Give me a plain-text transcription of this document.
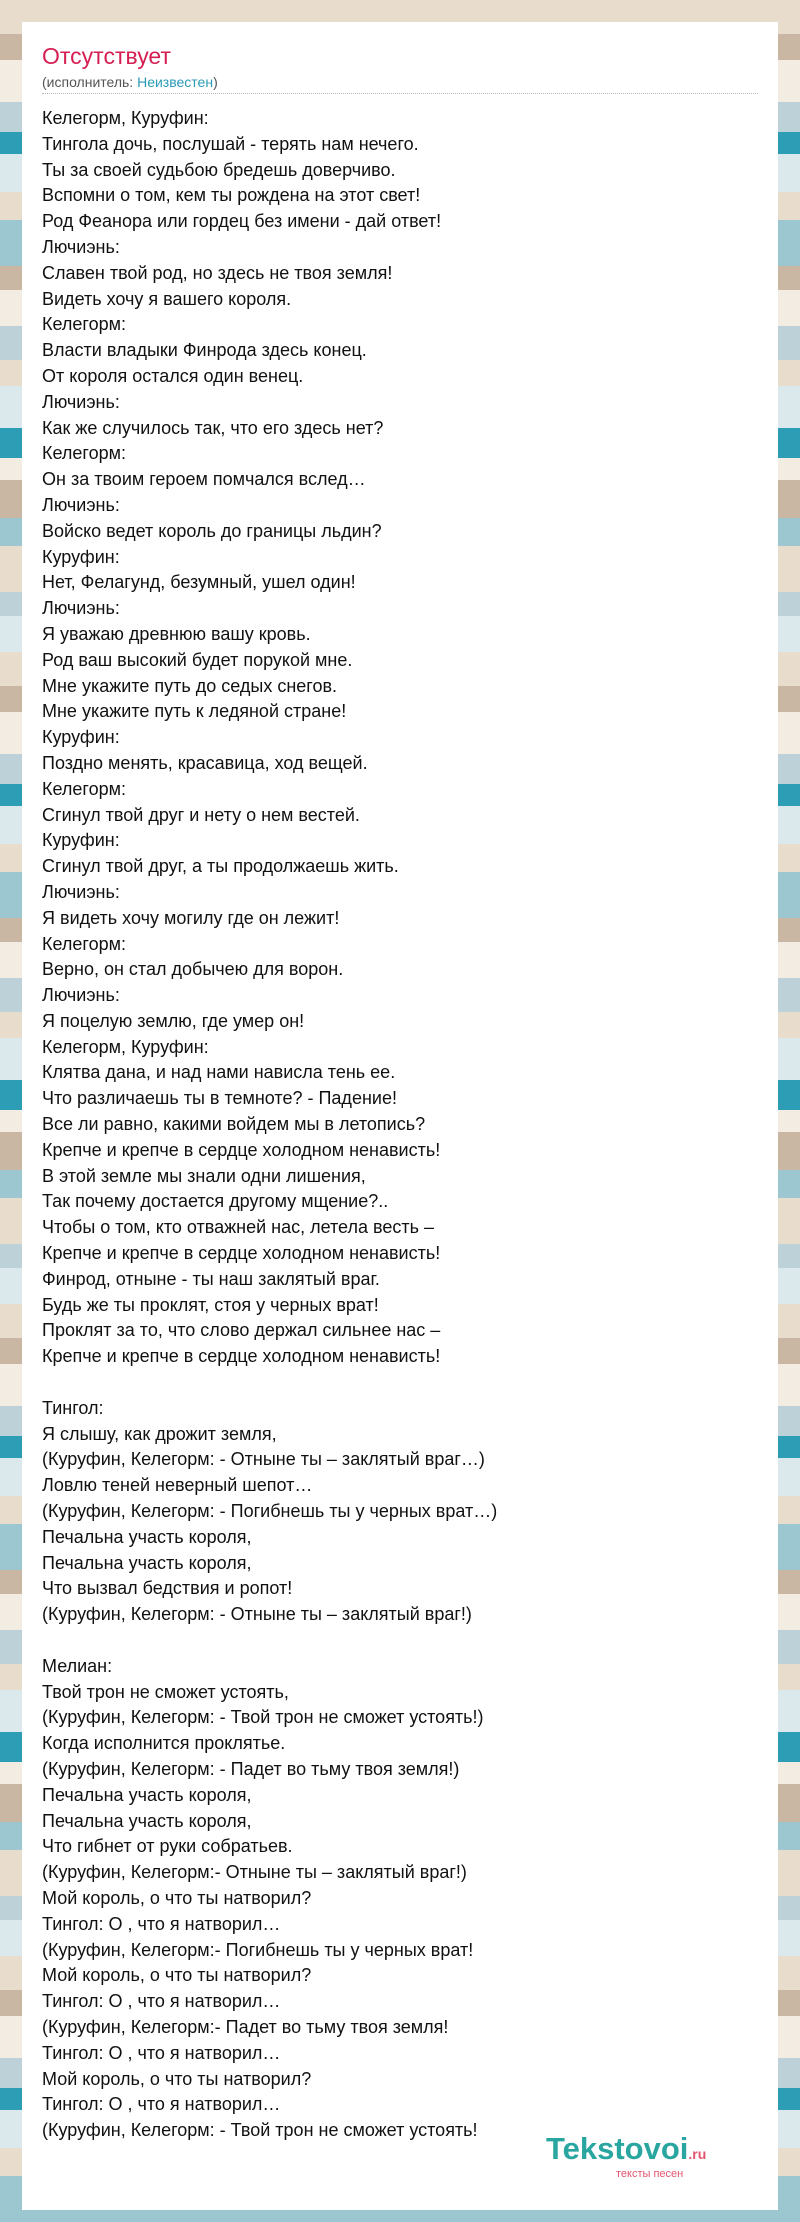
Отсутствует
(исполнитель: Неизвестен)
Келегорм, Куруфин:
Тингола дочь, послушай - терять нам нечего.
Ты за своей судьбою бредешь доверчиво.
Вспомни о том, кем ты рождена на этот свет!
Род Феанора или гордец без имени - дай ответ!
Лючиэнь:
Славен твой род, но здесь не твоя земля!
Видеть хочу я вашего короля.
Келегорм:
Власти владыки Финрода здесь конец.
От короля остался один венец.
Лючиэнь:
Как же случилось так, что его здесь нет?
Келегорм:
Он за твоим героем помчался вслед…
Лючиэнь:
Войско ведет король до границы льдин?
Куруфин:
Нет, Фелагунд, безумный, ушел один!
Лючиэнь:
Я уважаю древнюю вашу кровь.
Род ваш высокий будет порукой мне.
Мне укажите путь до седых снегов.
Мне укажите путь к ледяной стране!
Куруфин:
Поздно менять, красавица, ход вещей.
Келегорм:
Сгинул твой друг и нету о нем вестей.
Куруфин:
Сгинул твой друг, а ты продолжаешь жить.
Лючиэнь:
Я видеть хочу могилу где он лежит!
Келегорм:
Верно, он стал добычею для ворон.
Лючиэнь:
Я поцелую землю, где умер он!
Келегорм, Куруфин:
Клятва дана, и над нами нависла тень ее.
Что различаешь ты в темноте? - Падение!
Все ли равно, какими войдем мы в летопись?
Крепче и крепче в сердце холодном ненависть!
В этой земле мы знали одни лишения,
Так почему достается другому мщение?..
Чтобы о том, кто отважней нас, летела весть –
Крепче и крепче в сердце холодном ненависть!
Финрод, отныне - ты наш заклятый враг.
Будь же ты проклят, стоя у черных врат!
Проклят за то, что слово держал сильнее нас –
Крепче и крепче в сердце холодном ненависть!

Тингол:
Я слышу, как дрожит земля,
(Куруфин, Келегорм: - Отныне ты – заклятый враг…)
Ловлю теней неверный шепот…
(Куруфин, Келегорм: - Погибнешь ты у черных врат…)
Печальна участь короля,
Печальна участь короля,
Что вызвал бедствия и ропот!
(Куруфин, Келегорм: - Отныне ты – заклятый враг!)

Мелиан:
Твой трон не сможет устоять,
(Куруфин, Келегорм: - Твой трон не сможет устоять!)
Когда исполнится проклятье.
(Куруфин, Келегорм: - Падет во тьму твоя земля!)
Печальна участь короля,
Печальна участь короля,
Что гибнет от руки собратьев.
(Куруфин, Келегорм:- Отныне ты – заклятый враг!)
Мой король, о что ты натворил?
Тингол: О , что я натворил…
(Куруфин, Келегорм:- Погибнешь ты у черных врат!
Мой король, о что ты натворил?
Тингол: О , что я натворил…
(Куруфин, Келегорм:- Падет во тьму твоя земля!
Тингол: О , что я натворил…
Мой король, о что ты натворил?
Тингол: О , что я натворил…
(Куруфин, Келегорм: - Твой трон не сможет устоять!
Tekstovoi.ru
тексты песен
